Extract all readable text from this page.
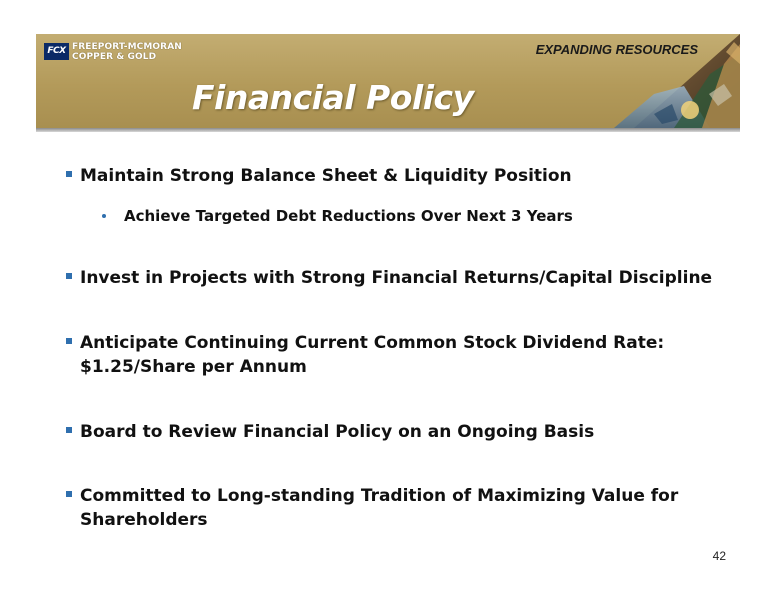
FCX FREEPORT-MCMORAN
COPPER & GOLD	EXPANDING RESOURCES
Financial Policy
Maintain Strong Balance Sheet & Liquidity Position
Achieve Targeted Debt Reductions Over Next 3 Years
Invest in Projects with Strong Financial Returns/Capital Discipline
Anticipate Continuing Current Common Stock Dividend Rate: $1.25/Share per Annum
Board to Review Financial Policy on an Ongoing Basis
Committed to Long-standing Tradition of Maximizing Value for Shareholders
42
